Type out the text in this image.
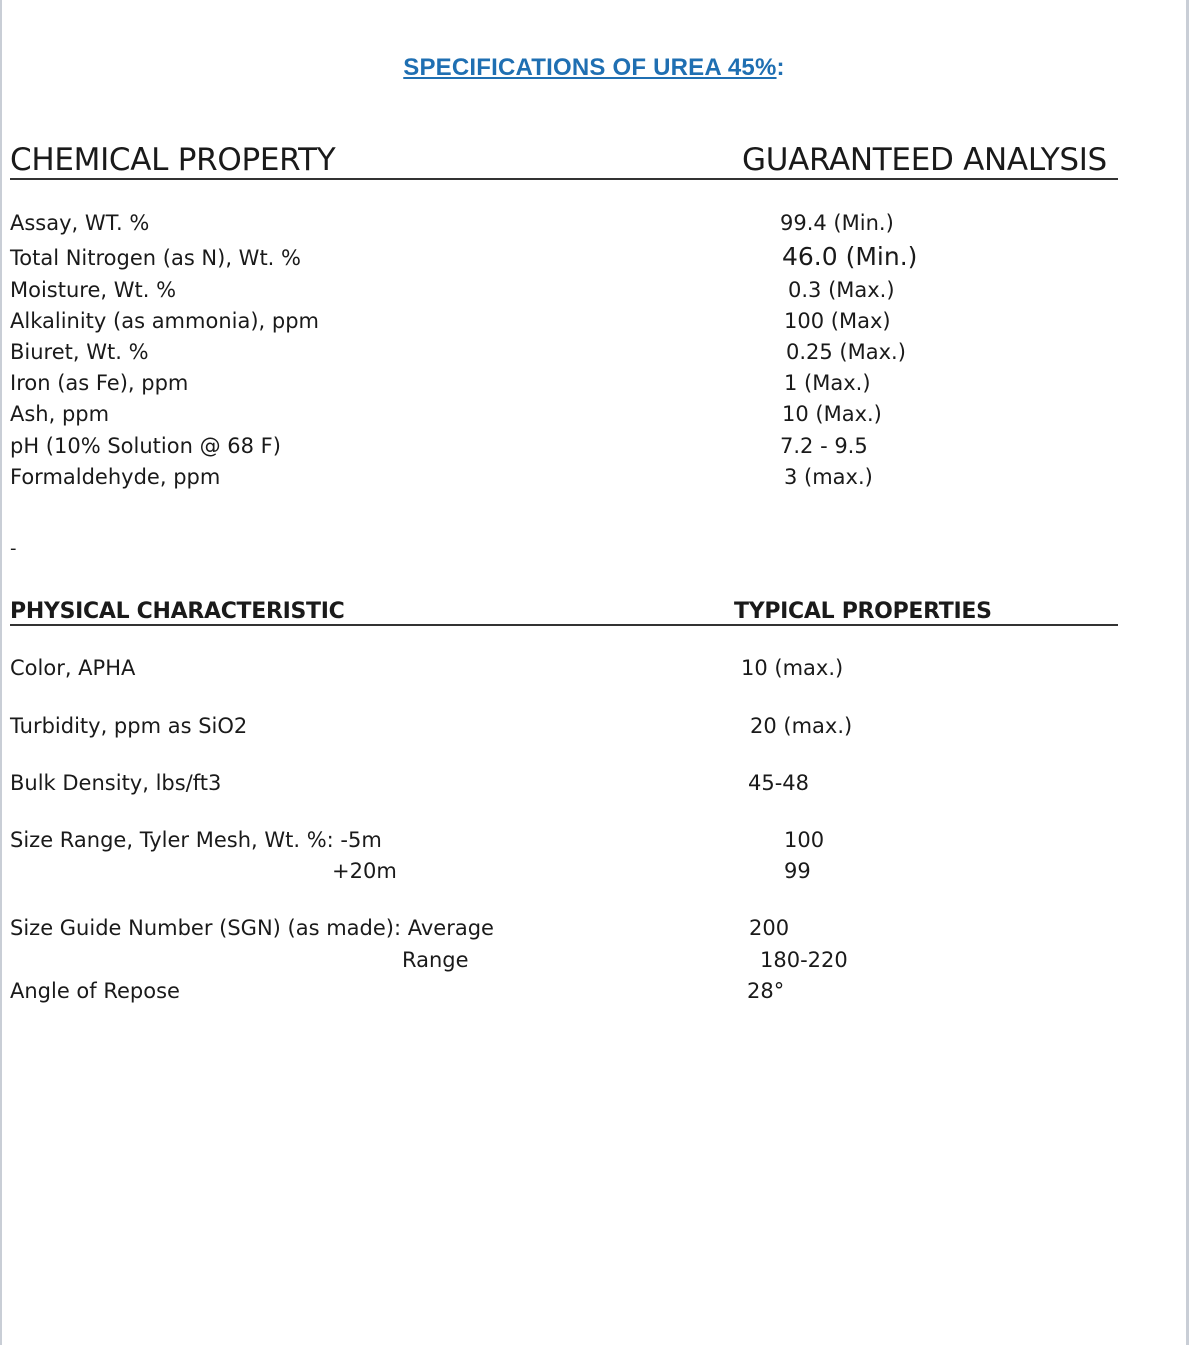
SPECIFICATIONS OF UREA 45%:
CHEMICAL PROPERTY	GUARANTEED ANALYSIS
Assay, WT. %	99.4 (Min.)
Total Nitrogen (as N), Wt. %	46.0 (Min.)
Moisture, Wt. %	0.3 (Max.)
Alkalinity (as ammonia), ppm	100 (Max)
Biuret, Wt. %	0.25 (Max.)
Iron (as Fe), ppm	1 (Max.)
Ash, ppm	10 (Max.)
pH (10% Solution @ 68 F)	7.2 - 9.5
Formaldehyde, ppm	3 (max.)
-
PHYSICAL CHARACTERISTIC	TYPICAL PROPERTIES
Color, APHA	10 (max.)
Turbidity, ppm as SiO2	20 (max.)
Bulk Density, lbs/ft3	45-48
Size Range, Tyler Mesh, Wt. %: -5m	100
+20m	99
Size Guide Number (SGN) (as made): Average	200
Range	180-220
Angle of Repose	28°
